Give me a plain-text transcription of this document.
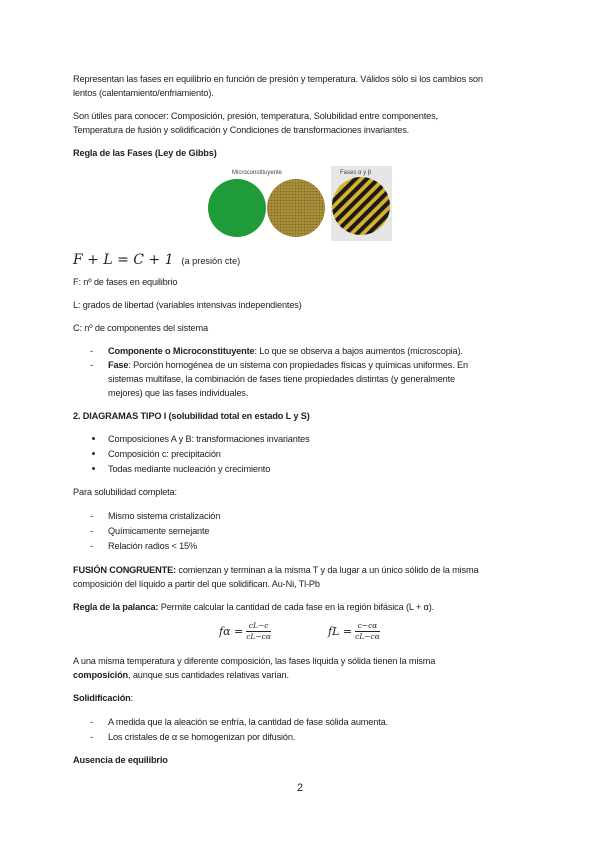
Representan las fases en equilibrio en función de presión y temperatura. Válidos sólo si los cambios son
lentos (calentamiento/enfriamiento).
Son útiles para conocer: Composición, presión, temperatura, Solubilidad entre componentes,
Temperatura de fusión y solidificación y Condiciones de transformaciones invariantes.
Regla de las Fases (Ley de Gibbs)
Microconstituyente	Fases α y β
F + L = C + 1 (a presión cte)
F: nº de fases en equilibrio
L: grados de libertad (variables intensivas independientes)
C: nº de componentes del sistema
- Componente o Microconstituyente: Lo que se observa a bajos aumentos (microscopia).
- Fase: Porción homogénea de un sistema con propiedades físicas y químicas uniformes. En
sistemas multifase, la combinación de fases tiene propiedades distintas (y generalmente
mejores) que las fases individuales.
2. DIAGRAMAS TIPO I (solubilidad total en estado L y S)
Composiciones A y B: transformaciones invariantes
Composición c: precipitación
Todas mediante nucleación y crecimiento
Para solubilidad completa:
- Mismo sistema cristalización
- Químicamente semejante
- Relación radios < 15%
FUSIÓN CONGRUENTE: comienzan y terminan a la misma T y da lugar a un único sólido de la misma
composición del líquido a partir del que solidifican. Au-Ni, Tl-Pb
Regla de la palanca: Permite calcular la cantidad de cada fase en la región bifásica (L + α).
$f\alpha = \frac{cL-c}{cL-c\alpha}$	fL = $\frac{c-c\alpha}{cL-c\alpha}$
A una misma temperatura y diferente composición, las fases líquida y sólida tienen la misma
composición, aunque sus cantidades relativas varían.
Solidificación:
- A medida que la aleación se enfría, la cantidad de fase sólida aumenta.
- Los cristales de α se homogenizan por difusión.
Ausencia de equilibrio
2
